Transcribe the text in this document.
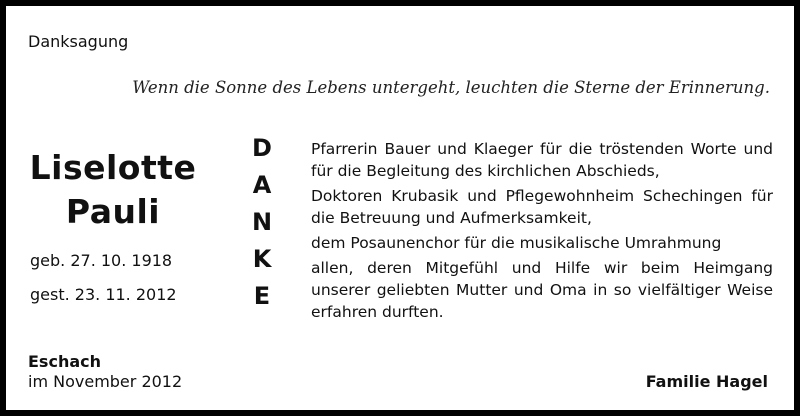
Danksagung
Wenn die Sonne des Lebens untergeht, leuchten die Sterne der Erinnerung.
Liselotte
Pauli
geb. 27. 10. 1918
gest. 23. 11. 2012
D
A
N
K
E

Pfarrerin Bauer und Klaeger für die tröstenden Worte und für die Begleitung des kirchlichen Abschieds,

Doktoren Krubasik und Pflegewohnheim Schechingen für die Betreuung und Aufmerksamkeit,

dem Posaunenchor für die musikalische Umrahmung

allen, deren Mitgefühl und Hilfe wir beim Heimgang unserer geliebten Mutter und Oma in so vielfältiger Weise erfahren durften.

Eschach
im November 2012	Familie Hagel
